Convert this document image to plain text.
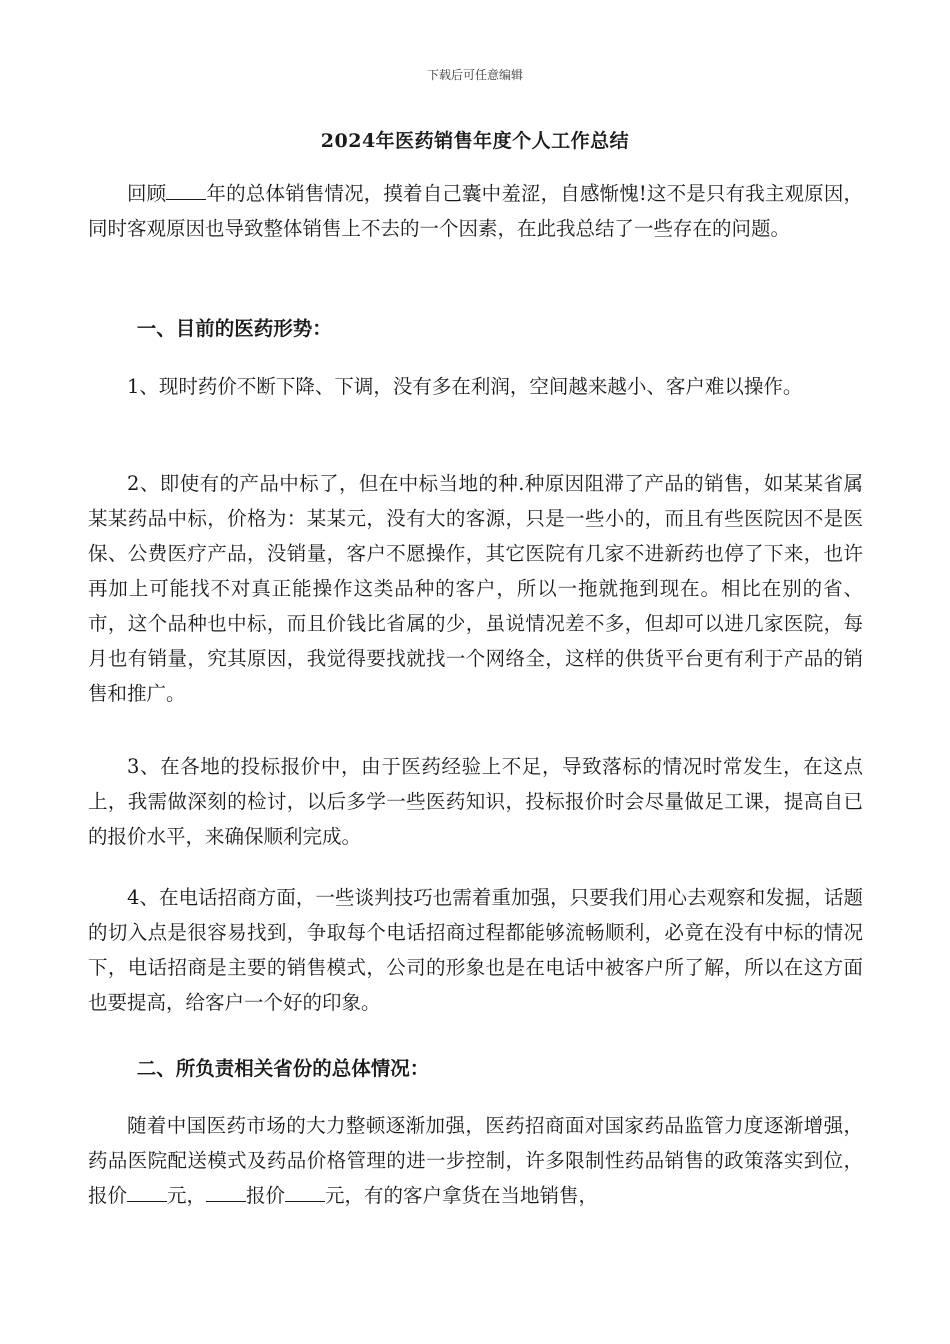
下载后可任意编辑
2024年医药销售年度个人工作总结

回顾 年的总体销售情况，摸着自己囊中羞涩，自感惭愧!这不是只有我主观原因，同时客观原因也导致整体销售上不去的一个因素，在此我总结了一些存在的问题。

一、目前的医药形势：

1、现时药价不断下降、下调，没有多在利润，空间越来越小、客户难以操作。

2、即使有的产品中标了，但在中标当地的种.种原因阻滞了产品的销售，如某某省属某某药品中标，价格为：某某元，没有大的客源，只是一些小的，而且有些医院因不是医保、公费医疗产品，没销量，客户不愿操作，其它医院有几家不进新药也停了下来，也许再加上可能找不对真正能操作这类品种的客户，所以一拖就拖到现在。相比在别的省、市，这个品种也中标，而且价钱比省属的少，虽说情况差不多，但却可以进几家医院，每月也有销量，究其原因，我觉得要找就找一个网络全，这样的供货平台更有利于产品的销售和推广。

3、在各地的投标报价中，由于医药经验上不足，导致落标的情况时常发生，在这点上，我需做深刻的检讨，以后多学一些医药知识，投标报价时会尽量做足工课，提高自已的报价水平，来确保顺利完成。

4、在电话招商方面，一些谈判技巧也需着重加强，只要我们用心去观察和发掘，话题的切入点是很容易找到，争取每个电话招商过程都能够流畅顺利，必竟在没有中标的情况下，电话招商是主要的销售模式，公司的形象也是在电话中被客户所了解，所以在这方面也要提高，给客户一个好的印象。

二、所负责相关省份的总体情况：

随着中国医药市场的大力整顿逐渐加强，医药招商面对国家药品监管力度逐渐增强，药品医院配送模式及药品价格管理的进一步控制，许多限制性药品销售的政策落实到位，报价 元， 报价 元，有的客户拿货在当地销售，
